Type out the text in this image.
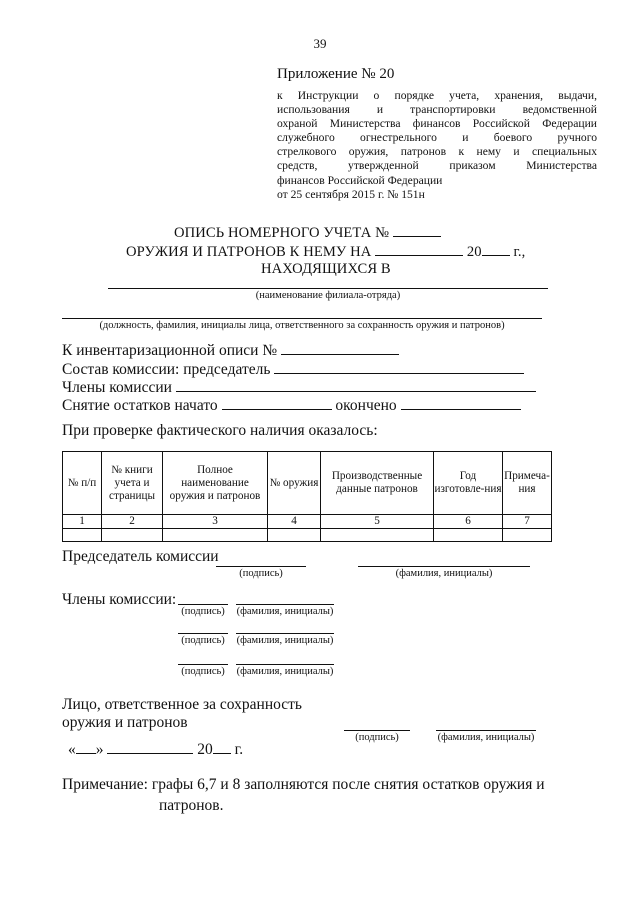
39
Приложение № 20
к Инструкции о порядке учета, хранения, выдачи,
использования и транспортировки ведомственной
охраной Министерства финансов Российской Федерации
служебного огнестрельного и боевого ручного
стрелкового оружия, патронов к нему и специальных
средств, утвержденной приказом Министерства
финансов Российской Федерации
от 25 сентября 2015 г. № 151н
ОПИСЬ НОМЕРНОГО УЧЕТА №
ОРУЖИЯ И ПАТРОНОВ К НЕМУ НА	20 г.,
НАХОДЯЩИХСЯ В
(наименование филиала-отряда)
(должность, фамилия, инициалы лица, ответственного за сохранность оружия и патронов)
К инвентаризационной описи №
Состав комиссии: председатель
Члены комиссии
Снятие остатков начато	окончено
При проверке фактического наличия оказалось:
№ п/п	№ книги учета и страницы	Полное наименование оружия и патронов	№ оружия	Производственные данные патронов	Год изготовле-ния	Примеча-ния
1	2	3	4	5	6	7

Председатель комиссии
(подпись)	(фамилия, инициалы)
Члены комиссии:
(подпись)	(фамилия, инициалы)
(подпись)	(фамилия, инициалы)
(подпись)	(фамилия, инициалы)
Лицо, ответственное за сохранность
оружия и патронов
(подпись)	(фамилия, инициалы)
« »	20 г.
Примечание: графы 6,7 и 8 заполняются после снятия остатков оружия и
патронов.
